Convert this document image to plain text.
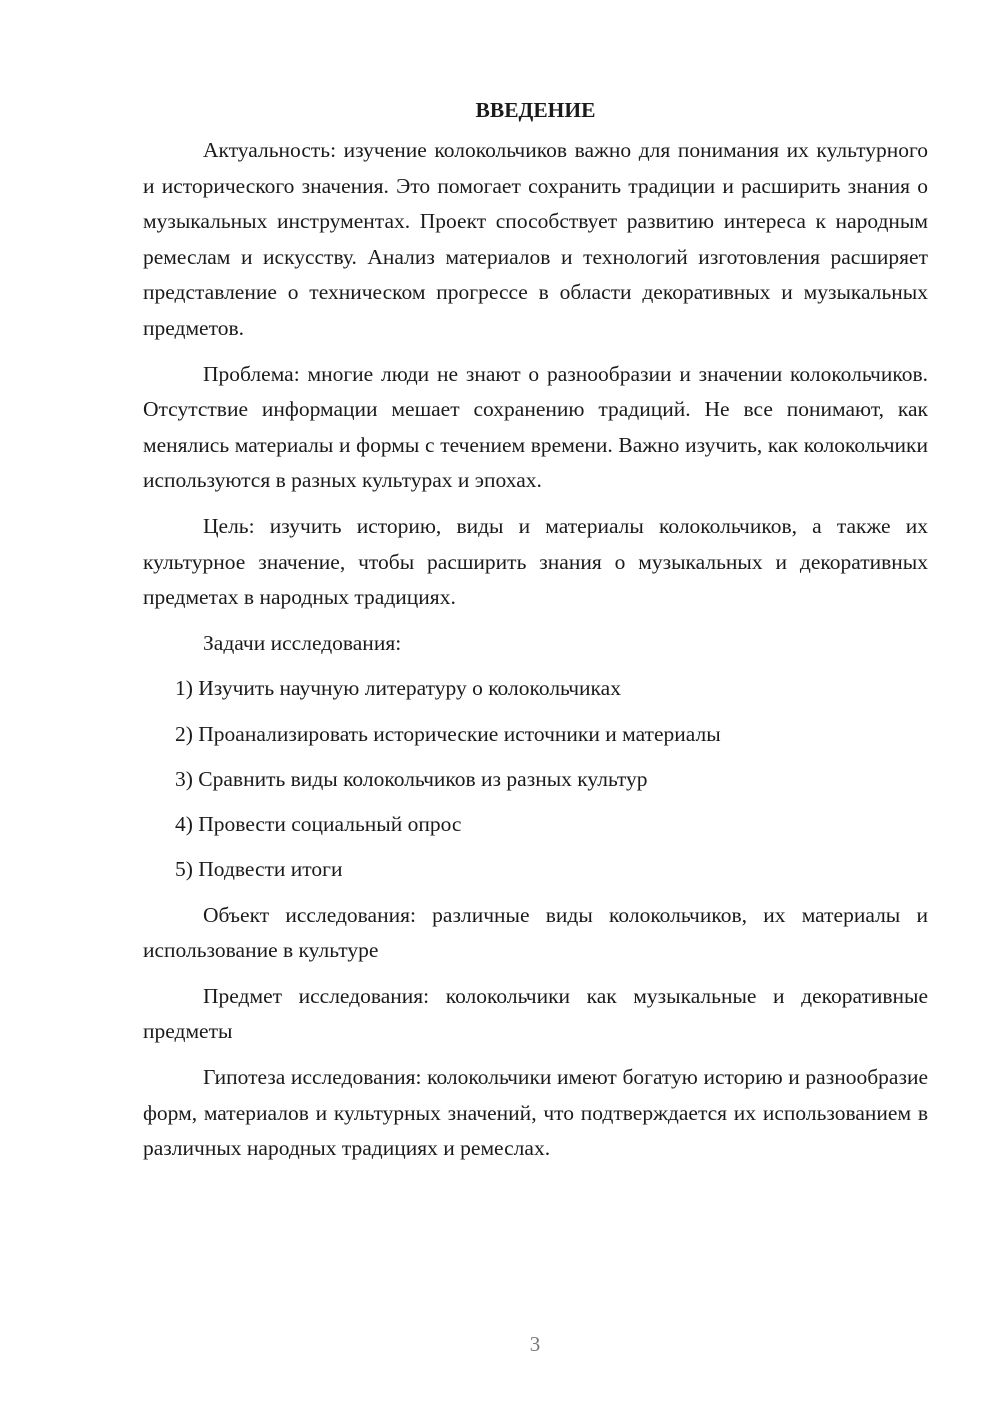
ВВЕДЕНИЕ

Актуальность: изучение колокольчиков важно для понимания их культурного и исторического значения. Это помогает сохранить традиции и расширить знания о музыкальных инструментах. Проект способствует развитию интереса к народным ремеслам и искусству. Анализ материалов и технологий изготовления расширяет представление о техническом прогрессе в области декоративных и музыкальных предметов.

Проблема: многие люди не знают о разнообразии и значении колокольчиков. Отсутствие информации мешает сохранению традиций. Не все понимают, как менялись материалы и формы с течением времени. Важно изучить, как колокольчики используются в разных культурах и эпохах.

Цель: изучить историю, виды и материалы колокольчиков, а также их культурное значение, чтобы расширить знания о музыкальных и декоративных предметах в народных традициях.

Задачи исследования:

1) Изучить научную литературу о колокольчиках
2) Проанализировать исторические источники и материалы
3) Сравнить виды колокольчиков из разных культур
4) Провести социальный опрос
5) Подвести итоги

Объект исследования: различные виды колокольчиков, их материалы и использование в культуре

Предмет исследования: колокольчики как музыкальные и декоративные предметы

Гипотеза исследования: колокольчики имеют богатую историю и разнообразие форм, материалов и культурных значений, что подтверждается их использованием в различных народных традициях и ремеслах.

3
